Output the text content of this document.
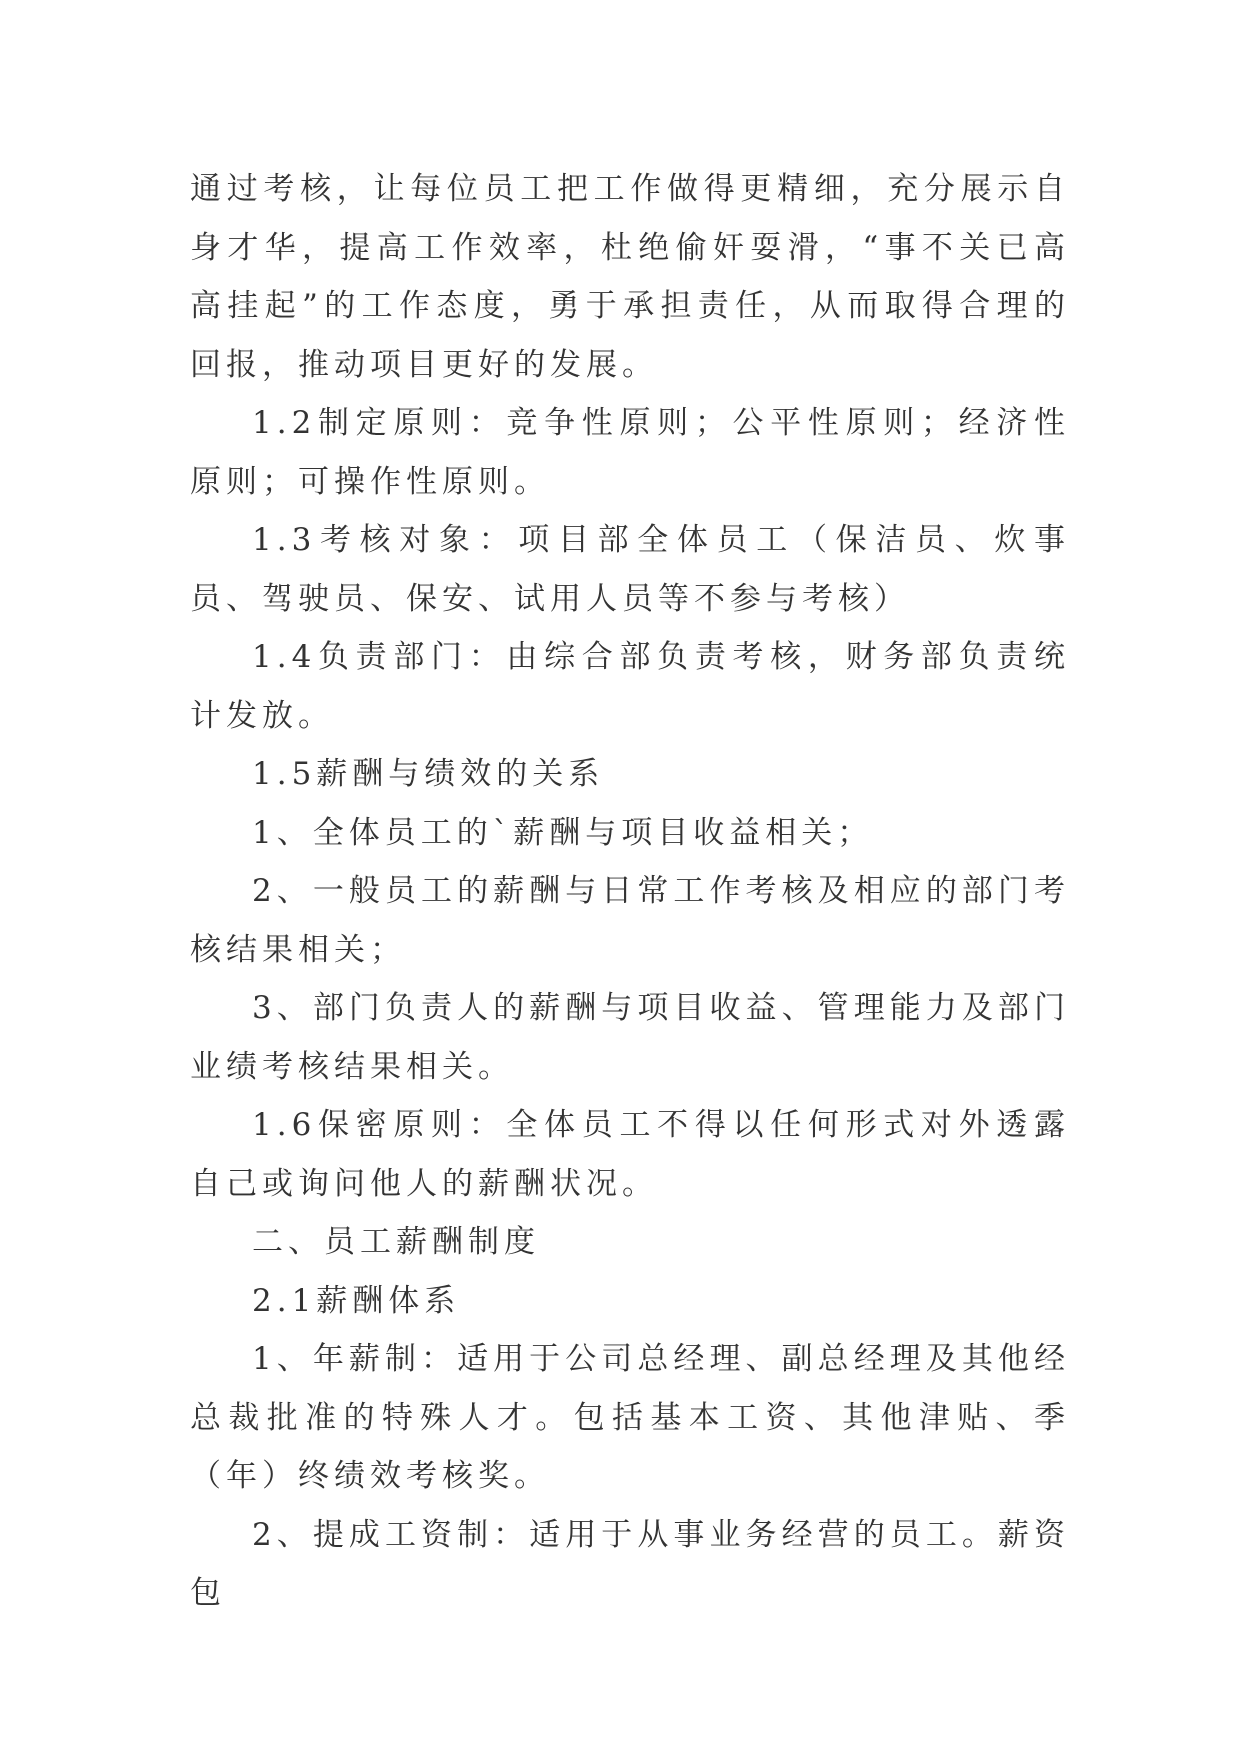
通过考核，让每位员工把工作做得更精细，充分展示自身才华，提高工作效率，杜绝偷奸耍滑，“事不关已高高挂起”的工作态度，勇于承担责任，从而取得合理的回报，推动项目更好的发展。

1.2制定原则：竞争性原则；公平性原则；经济性原则；可操作性原则。

1.3考核对象：项目部全体员工（保洁员、炊事员、驾驶员、保安、试用人员等不参与考核）

1.4负责部门：由综合部负责考核，财务部负责统计发放。

1.5薪酬与绩效的关系

1、全体员工的`薪酬与项目收益相关；

2、一般员工的薪酬与日常工作考核及相应的部门考核结果相关；

3、部门负责人的薪酬与项目收益、管理能力及部门业绩考核结果相关。

1.6保密原则：全体员工不得以任何形式对外透露自己或询问他人的薪酬状况。

二、员工薪酬制度

2.1薪酬体系

1、年薪制：适用于公司总经理、副总经理及其他经总裁批准的特殊人才。包括基本工资、其他津贴、季（年）终绩效考核奖。

2、提成工资制：适用于从事业务经营的员工。薪资包
